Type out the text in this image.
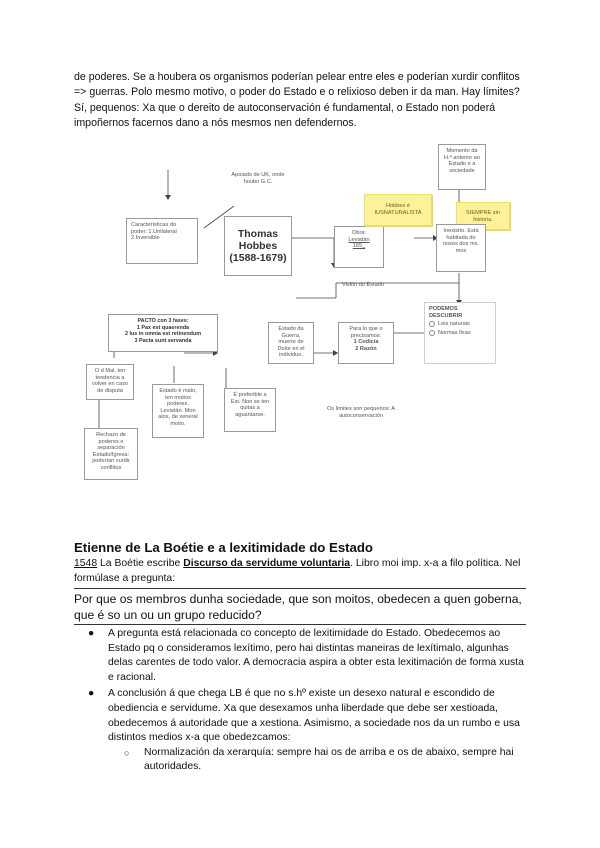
de poderes. Se a houbera os organismos poderían pelear entre eles e poderían xurdir conflitos => guerras. Polo mesmo motivo, o poder do Estado e o relixioso deben ir da man. Hay límites? Sí, pequenos: Xa que o dereito de autoconservación é fundamental, o Estado non poderá impoñernos facernos dano a nós mesmos nen defendernos.

Apoiado de UK, onde houbo G.C.
Thomas Hobbes (1588-1679)
Características do poder: 1.Unilateral 2.Inversible
Obra:
Leviatán
165_
Hobbes é IUSNATURALISTA	SIEMPRE sin historia.
Momento da H.ª anterior ao Estado e a sociedade
Inexistío. Está habitada do nosos dos ms. mos
Visión do Estado
PACTO con 3 fases:
1 Pax est quaerenda
2 Ius in omnia est retinendum
3 Pacta sunt servanda
Estado da Guerra, muerte de Dolor en el individuo.
Para lo que o precisamos:
1 Codicia
2 Razón
PODEMOS DESCUBRIR
Leis naturais
Normas fixas
O d Mal, ten tendencia a volver en caso de disputa	Estado é malo, ten moitos poderes. Leviatán. Mon alos, de xeneral moito.
É preferible a Est. Non se ten quitas a aguantarse.
Os límites son pequenos: A autoconservación
Rechazo de poderes e separación Estado/Igrexa: poderían xurdir conflitos
Etienne de La Boétie e a lexitimidade do Estado

1548 La Boétie escribe Discurso da servidume voluntaria. Libro moi imp. x-a a filo política. Nel formúlase a pregunta:

Por que os membros dunha sociedade, que son moitos, obedecen a quen goberna, que é so un ou un grupo reducido?

● A pregunta está relacionada co concepto de lexitimidade do Estado. Obedecemos ao Estado pq o consideramos lexítimo, pero hai distintas maneiras de lexítimalo, algunhas delas carentes de todo valor. A democracia aspira a obter esta lexitimación de forma xusta e racional.
● A conclusión á que chega LB é que no s.hº existe un desexo natural e escondido de obediencia e servidume. Xa que desexamos unha liberdade que debe ser xestioada, obedecemos á autoridade que a xestiona. Asimismo, a sociedade nos da un rumbo e usa distintos medios x-a que obedezcamos:
○ Normalización da xerarquía: sempre hai os de arriba e os de abaixo, sempre hai autoridades.
